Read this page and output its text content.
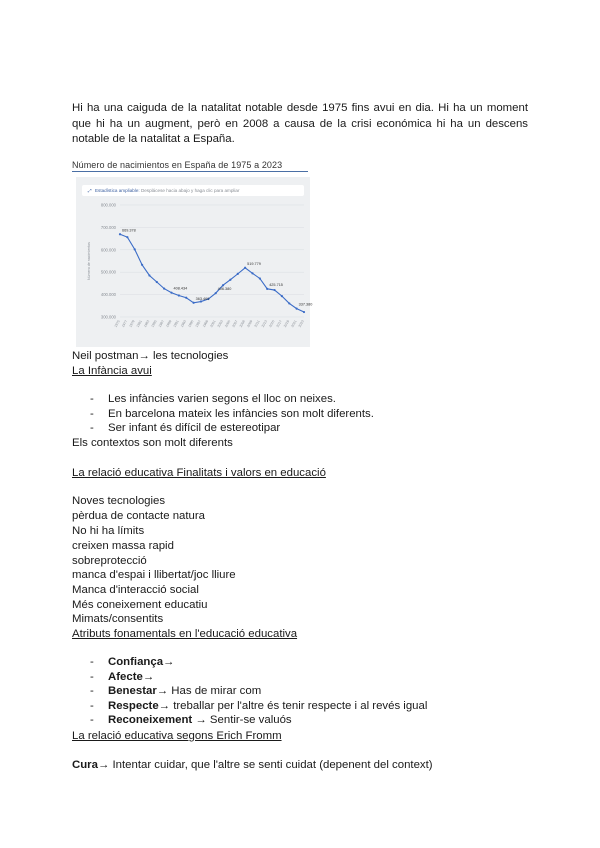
Hi ha una caiguda de la natalitat notable desde 1975 fins avui en dia. Hi ha un moment que hi ha un augment, però en 2008 a causa de la crisi económica hi ha un descens notable de la natalitat a España.

Número de nacimientos en España de 1975 a 2023
⤢ Estadística ampliable: Desplácese hacia abajo y haga clic para ampliar
800.000
700.000
600.000
500.000
400.000
300.000
Número de nacimientos
1975 1977 1979 1981 1983 1985 1987 1989 1991 1993 1995 1997 1999 2001 2003 2005 2007 2008 2009 2011 2013 2015 2017 2019 2021 2023
669.378
408.434
363.469
406.380
519.779
425.715
337.380
Neil postman→ les tecnologies
La Infància avui
- Les infàncies varien segons el lloc on neixes.
- En barcelona mateix les infàncies son molt diferents.
- Ser infant és difícil de estereotipar
Els contextos son molt diferents
La relació educativa Finalitats i valors en educació
Noves tecnologies
pèrdua de contacte natura
No hi ha límits
creixen massa rapid
sobreprotecció
manca d'espai i llibertat/joc lliure
Manca d'interacció social
Més coneixement educatiu
Mimats/consentits
Atributs fonamentals en l'educació educativa
- Confiança→
- Afecte→
- Benestar→ Has de mirar com
- Respecte→ treballar per l'altre és tenir respecte i al revés igual
- Reconeixement → Sentir-se valuós
La relació educativa segons Erich Fromm
Cura→ Intentar cuidar, que l'altre se senti cuidat (depenent del context)
